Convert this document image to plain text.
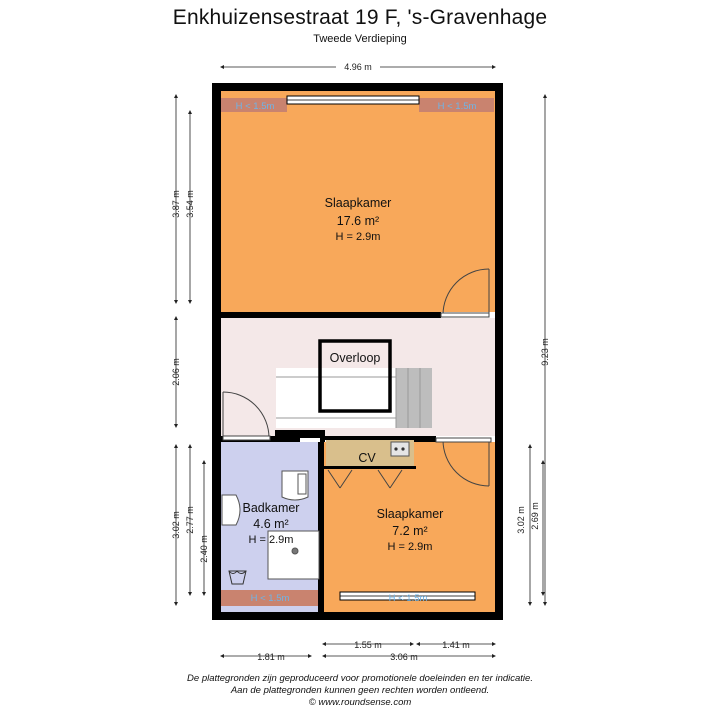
Enkhuizensestraat 19 F, 's-Gravenhage
Tweede Verdieping
Slaapkamer
17.6 m²
H = 2.9m
Overloop
CV
Badkamer
4.6 m²
H = 2.9m
Slaapkamer
7.2 m²
H = 2.9m
H < 1.5m	H < 1.5m
H < 1.5m	H < 1.5m
4.96 m
3.87 m 3.54 m
2.06 m
3.02 m 2.77 m
2.40 m
9.23 m
3.02 m 2.69 m
1.81 m
1.55 m	1.41 m
3.06 m
De plattegronden zijn geproduceerd voor promotionele doeleinden en ter indicatie.
Aan de plattegronden kunnen geen rechten worden ontleend.
© www.roundsense.com
